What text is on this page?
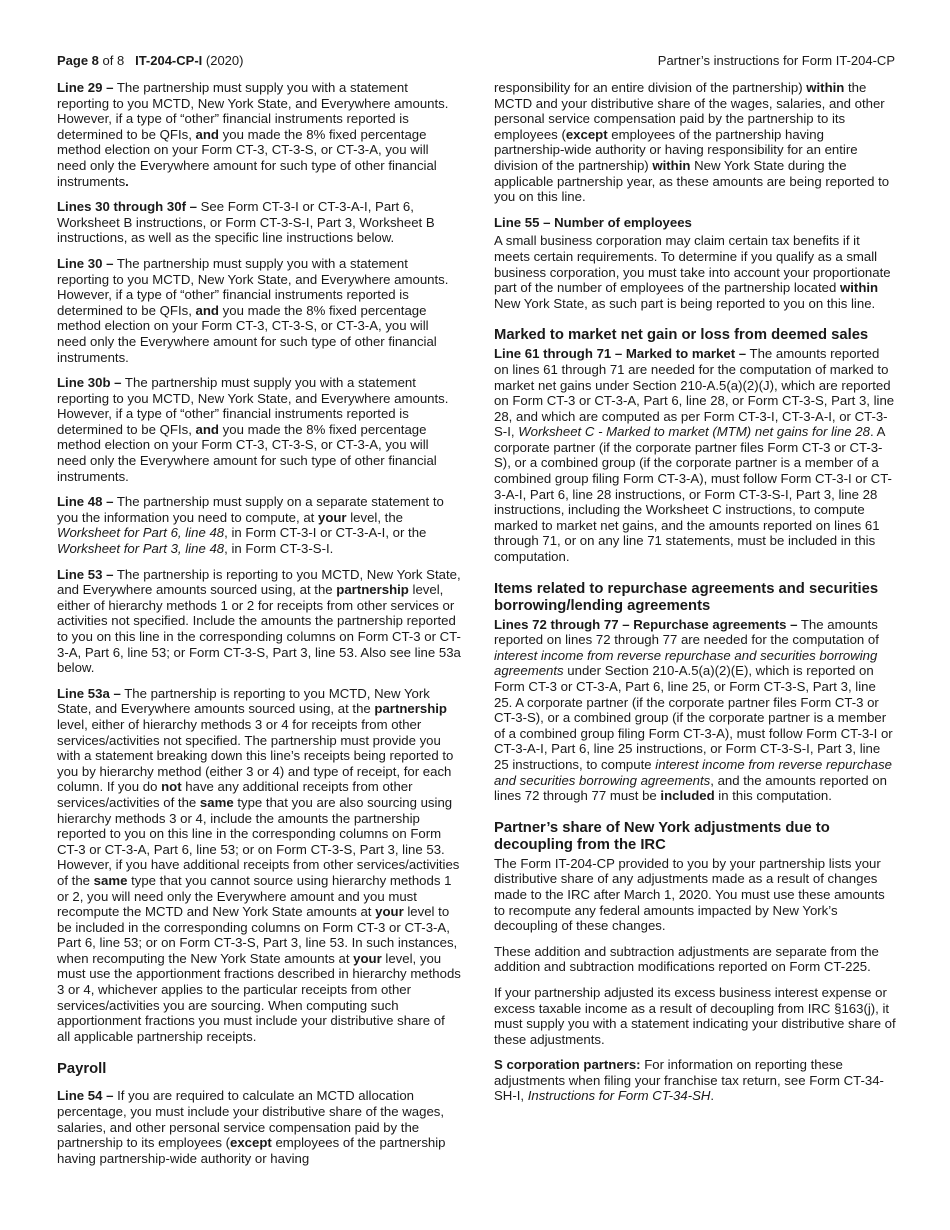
Page 8 of 8 IT-204-CP-I (2020)	Partner’s instructions for Form IT-204-CP

Line 29 – The partnership must supply you with a statement reporting to you MCTD, New York State, and Everywhere amounts. However, if a type of “other” financial instruments reported is determined to be QFIs, and you made the 8% fixed percentage method election on your Form CT-3, CT-3-S, or CT-3-A, you will need only the Everywhere amount for such type of other financial instruments.

Lines 30 through 30f – See Form CT-3-I or CT-3-A-I, Part 6, Worksheet B instructions, or Form CT-3-S-I, Part 3, Worksheet B instructions, as well as the specific line instructions below.

Line 30 – The partnership must supply you with a statement reporting to you MCTD, New York State, and Everywhere amounts. However, if a type of “other” financial instruments reported is determined to be QFIs, and you made the 8% fixed percentage method election on your Form CT-3, CT-3-S, or CT-3-A, you will need only the Everywhere amount for such type of other financial instruments.

Line 30b – The partnership must supply you with a statement reporting to you MCTD, New York State, and Everywhere amounts. However, if a type of “other” financial instruments reported is determined to be QFIs, and you made the 8% fixed percentage method election on your Form CT-3, CT-3-S, or CT-3-A, you will need only the Everywhere amount for such type of other financial instruments.

Line 48 – The partnership must supply on a separate statement to you the information you need to compute, at your level, the Worksheet for Part 6, line 48, in Form CT-3-I or CT-3-A-I, or the Worksheet for Part 3, line 48, in Form CT-3-S-I.

Line 53 – The partnership is reporting to you MCTD, New York State, and Everywhere amounts sourced using, at the partnership level, either of hierarchy methods 1 or 2 for receipts from other services or activities not specified. Include the amounts the partnership reported to you on this line in the corresponding columns on Form CT-3 or CT-3-A, Part 6, line 53; or Form CT-3-S, Part 3, line 53. Also see line 53a below.

Line 53a – The partnership is reporting to you MCTD, New York State, and Everywhere amounts sourced using, at the partnership level, either of hierarchy methods 3 or 4 for receipts from other services/activities not specified. The partnership must provide you with a statement breaking down this line’s receipts being reported to you by hierarchy method (either 3 or 4) and type of receipt, for each column. If you do not have any additional receipts from other services/activities of the same type that you are also sourcing using hierarchy methods 3 or 4, include the amounts the partnership reported to you on this line in the corresponding columns on Form CT-3 or CT-3-A, Part 6, line 53; or on Form CT-3-S, Part 3, line 53. However, if you have additional receipts from other services/activities of the same type that you cannot source using hierarchy methods 1 or 2, you will need only the Everywhere amount and you must recompute the MCTD and New York State amounts at your level to be included in the corresponding columns on Form CT-3 or CT-3-A, Part 6, line 53; or on Form CT-3-S, Part 3, line 53. In such instances, when recomputing the New York State amounts at your level, you must use the apportionment fractions described in hierarchy methods 3 or 4, whichever applies to the particular receipts from other services/activities you are sourcing. When computing such apportionment fractions you must include your distributive share of all applicable partnership receipts.

Payroll

Line 54 – If you are required to calculate an MCTD allocation percentage, you must include your distributive share of the wages, salaries, and other personal service compensation paid by the partnership to its employees (except employees of the partnership having partnership-wide authority or having

responsibility for an entire division of the partnership) within the MCTD and your distributive share of the wages, salaries, and other personal service compensation paid by the partnership to its employees (except employees of the partnership having partnership-wide authority or having responsibility for an entire division of the partnership) within New York State during the applicable partnership year, as these amounts are being reported to you on this line.

Line 55 – Number of employees

A small business corporation may claim certain tax benefits if it meets certain requirements. To determine if you qualify as a small business corporation, you must take into account your proportionate part of the number of employees of the partnership located within New York State, as such part is being reported to you on this line.

Marked to market net gain or loss from deemed sales

Line 61 through 71 – Marked to market – The amounts reported on lines 61 through 71 are needed for the computation of marked to market net gains under Section 210-A.5(a)(2)(J), which are reported on Form CT-3 or CT-3-A, Part 6, line 28, or Form CT-3-S, Part 3, line 28, and which are computed as per Form CT-3-I, CT-3-A-I, or CT-3-S-I, Worksheet C - Marked to market (MTM) net gains for line 28. A corporate partner (if the corporate partner files Form CT-3 or CT-3-S), or a combined group (if the corporate partner is a member of a combined group filing Form CT-3-A), must follow Form CT-3-I or CT-3-A-I, Part 6, line 28 instructions, or Form CT-3-S-I, Part 3, line 28 instructions, including the Worksheet C instructions, to compute marked to market net gains, and the amounts reported on lines 61 through 71, or on any line 71 statements, must be included in this computation.

Items related to repurchase agreements and securities borrowing/lending agreements

Lines 72 through 77 – Repurchase agreements – The amounts reported on lines 72 through 77 are needed for the computation of interest income from reverse repurchase and securities borrowing agreements under Section 210-A.5(a)(2)(E), which is reported on Form CT-3 or CT-3-A, Part 6, line 25, or Form CT-3-S, Part 3, line 25. A corporate partner (if the corporate partner files Form CT-3 or CT-3-S), or a combined group (if the corporate partner is a member of a combined group filing Form CT-3-A), must follow Form CT-3-I or CT-3-A-I, Part 6, line 25 instructions, or Form CT-3-S-I, Part 3, line 25 instructions, to compute interest income from reverse repurchase and securities borrowing agreements, and the amounts reported on lines 72 through 77 must be included in this computation.

Partner’s share of New York adjustments due to decoupling from the IRC

The Form IT-204-CP provided to you by your partnership lists your distributive share of any adjustments made as a result of changes made to the IRC after March 1, 2020. You must use these amounts to recompute any federal amounts impacted by New York’s decoupling of these changes.

These addition and subtraction adjustments are separate from the addition and subtraction modifications reported on Form CT-225.

If your partnership adjusted its excess business interest expense or excess taxable income as a result of decoupling from IRC §163(j), it must supply you with a statement indicating your distributive share of these adjustments.

S corporation partners: For information on reporting these adjustments when filing your franchise tax return, see Form CT-34-SH-I, Instructions for Form CT-34-SH.
